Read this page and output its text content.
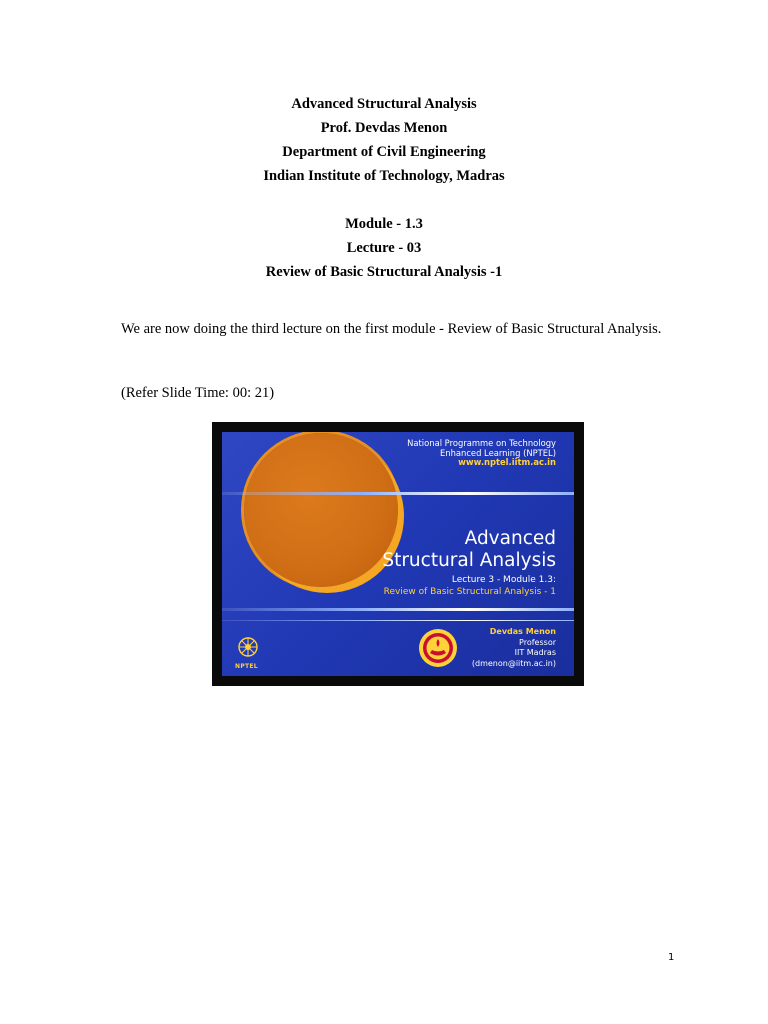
Advanced Structural Analysis
Prof. Devdas Menon
Department of Civil Engineering
Indian Institute of Technology, Madras
Module - 1.3
Lecture - 03
Review of Basic Structural Analysis -1

We are now doing the third lecture on the first module - Review of Basic Structural Analysis.

(Refer Slide Time: 00: 21)
National Programme on Technology
Enhanced Learning (NPTEL)
www.nptel.iitm.ac.in
Advanced
Structural Analysis
Lecture 3 - Module 1.3:
Review of Basic Structural Analysis - 1
Devdas Menon
Professor
IIT Madras
(dmenon@iitm.ac.in)
NPTEL
1
